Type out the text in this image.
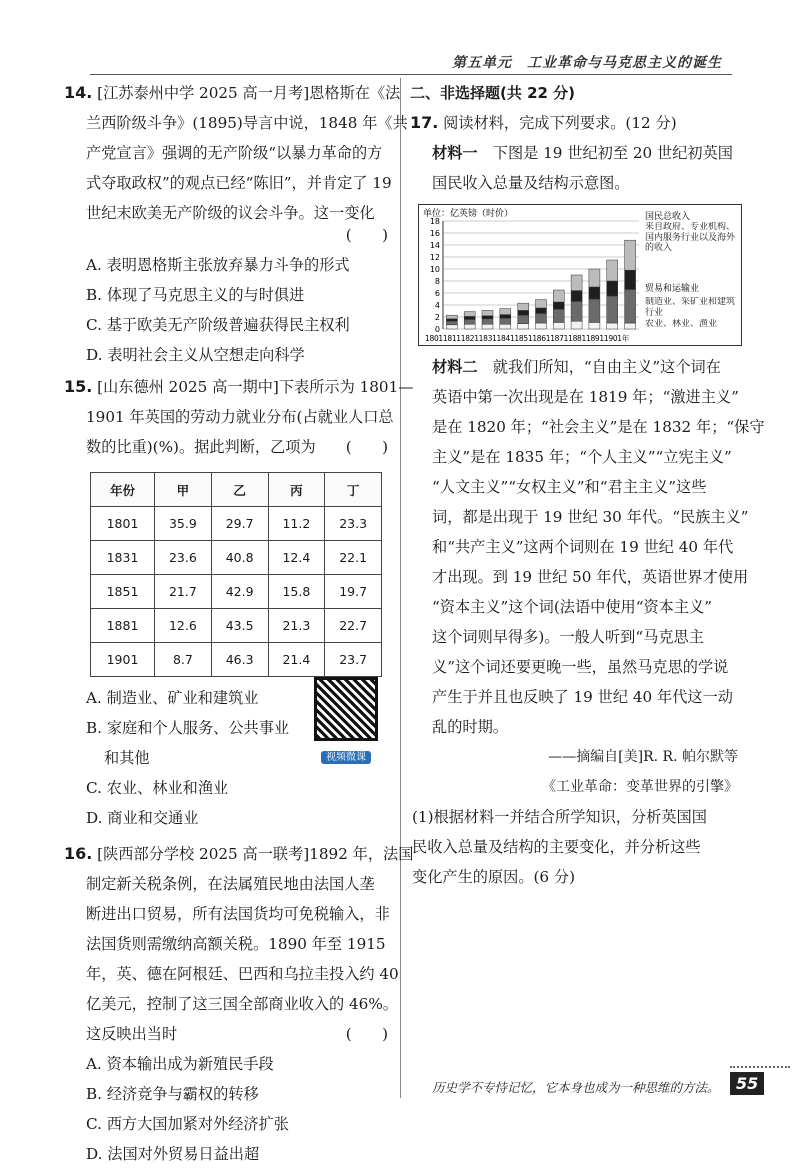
第五单元　工业革命与马克思主义的诞生
14. [江苏泰州中学 2025 高一月考]恩格斯在《法
兰西阶级斗争》(1895)导言中说，1848 年《共
产党宣言》强调的无产阶级“以暴力革命的方
式夺取政权”的观点已经“陈旧”，并肯定了 19
世纪末欧美无产阶级的议会斗争。这一变化
(　　)
A. 表明恩格斯主张放弃暴力斗争的形式
B. 体现了马克思主义的与时俱进
C. 基于欧美无产阶级普遍获得民主权利
D. 表明社会主义从空想走向科学
15. [山东德州 2025 高一期中]下表所示为 1801—
1901 年英国的劳动力就业分布(占就业人口总
数的比重)(%)。据此判断，乙项为 (　　)
年份	甲	乙	丙	丁
1801	35.9	29.7	11.2	23.3
1831	23.6	40.8	12.4	22.1
1851	21.7	42.9	15.8	19.7
1881	12.6	43.5	21.3	22.7
1901	8.7	46.3	21.4	23.7
A. 制造业、矿业和建筑业
B. 家庭和个人服务、公共事业
和其他
C. 农业、林业和渔业
D. 商业和交通业
视频微课
16. [陕西部分学校 2025 高一联考]1892 年，法国
制定新关税条例，在法属殖民地由法国人垄
断进出口贸易，所有法国货均可免税输入，非
法国货则需缴纳高额关税。1890 年至 1915
年，英、德在阿根廷、巴西和乌拉圭投入约 40
亿美元，控制了这三国全部商业收入的 46%。
这反映出当时	(　　)
A. 资本输出成为新殖民手段
B. 经济竞争与霸权的转移
C. 西方大国加紧对外经济扩张
D. 法国对外贸易日益出超
二、非选择题(共 22 分)
17. 阅读材料，完成下列要求。(12 分)
材料一　 下图是 19 世纪初至 20 世纪初英国
国民收入总量及结构示意图。
单位：亿英镑（时价）
0
2
4
6
8
10
12
14
16
18
18011811182118311841185118611871188118911901年
国民总收入
来自政府、专业机构、国内服务行业以及海外的收入
贸易和运输业
制造业、采矿业和建筑行业
农业、林业、渔业
材料二　 就我们所知，“自由主义”这个词在
英语中第一次出现是在 1819 年；“激进主义”
是在 1820 年；“社会主义”是在 1832 年；“保守
主义”是在 1835 年；“个人主义”“立宪主义”
“人文主义”“女权主义”和“君主主义”这些
词，都是出现于 19 世纪 30 年代。“民族主义”
和“共产主义”这两个词则在 19 世纪 40 年代
才出现。到 19 世纪 50 年代，英语世界才使用
“资本主义”这个词(法语中使用“资本主义”
这个词则早得多)。一般人听到“马克思主
义”这个词还要更晚一些，虽然马克思的学说
产生于并且也反映了 19 世纪 40 年代这一动
乱的时期。
——摘编自[美]R. R. 帕尔默等
《工业革命：变革世界的引擎》
(1)根据材料一并结合所学知识，分析英国国
民收入总量及结构的主要变化，并分析这些
变化产生的原因。(6 分)
历史学不专恃记忆，它本身也成为一种思维的方法。	55
